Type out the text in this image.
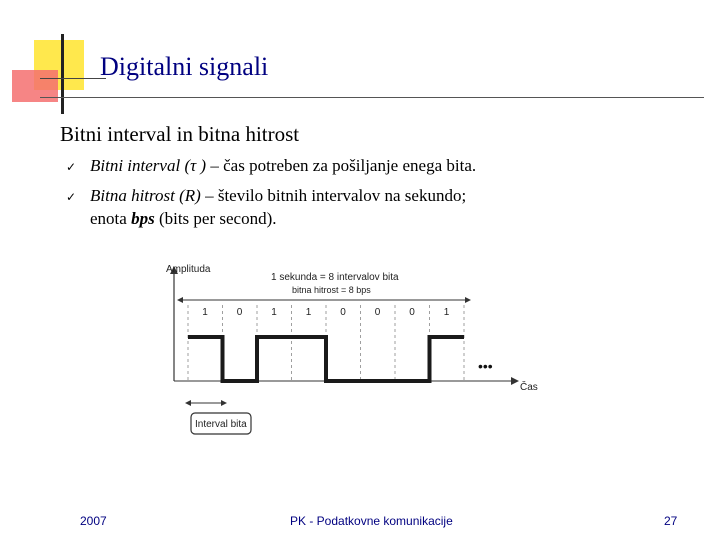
Digitalni signali
Bitni interval in bitna hitrost
✓ Bitni interval (τ ) – čas potreben za pošiljanje enega bita.
✓ Bitna hitrost (R) – število bitnih intervalov na sekundo;
enota bps (bits per second).
Amplituda
Čas
1 sekunda = 8 intervalov bita
bitna hitrost = 8 bps
1	0	1	1	0	0	0	1
•••
Interval bita
2007	PK - Podatkovne komunikacije	27
